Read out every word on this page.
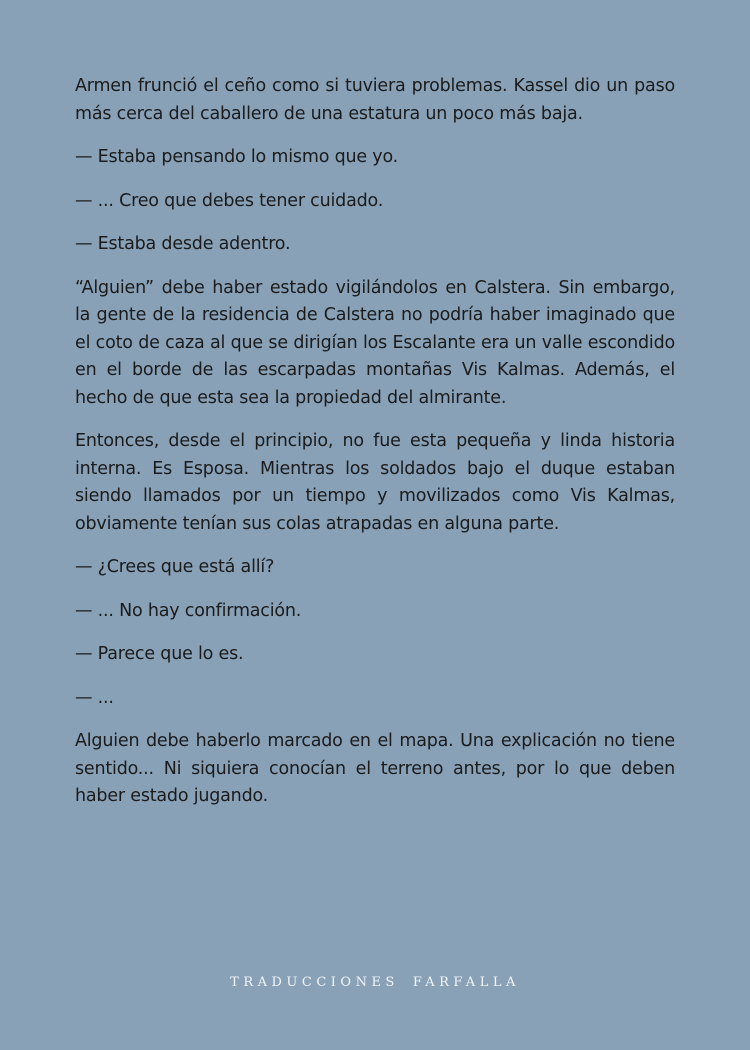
Armen frunció el ceño como si tuviera problemas. Kassel dio un paso más cerca del caballero de una estatura un poco más baja.

— Estaba pensando lo mismo que yo.

— ... Creo que debes tener cuidado.

— Estaba desde adentro.

“Alguien” debe haber estado vigilándolos en Calstera. Sin embargo, la gente de la residencia de Calstera no podría haber imaginado que el coto de caza al que se dirigían los Escalante era un valle escondido en el borde de las escarpadas montañas Vis Kalmas. Además, el hecho de que esta sea la propiedad del almirante.

Entonces, desde el principio, no fue esta pequeña y linda historia interna. Es Esposa. Mientras los soldados bajo el duque estaban siendo llamados por un tiempo y movilizados como Vis Kalmas, obviamente tenían sus colas atrapadas en alguna parte.

— ¿Crees que está allí?

— ... No hay confirmación.

— Parece que lo es.

— ...

Alguien debe haberlo marcado en el mapa. Una explicación no tiene sentido... Ni siquiera conocían el terreno antes, por lo que deben haber estado jugando.

TRADUCCIONES FARFALLA
